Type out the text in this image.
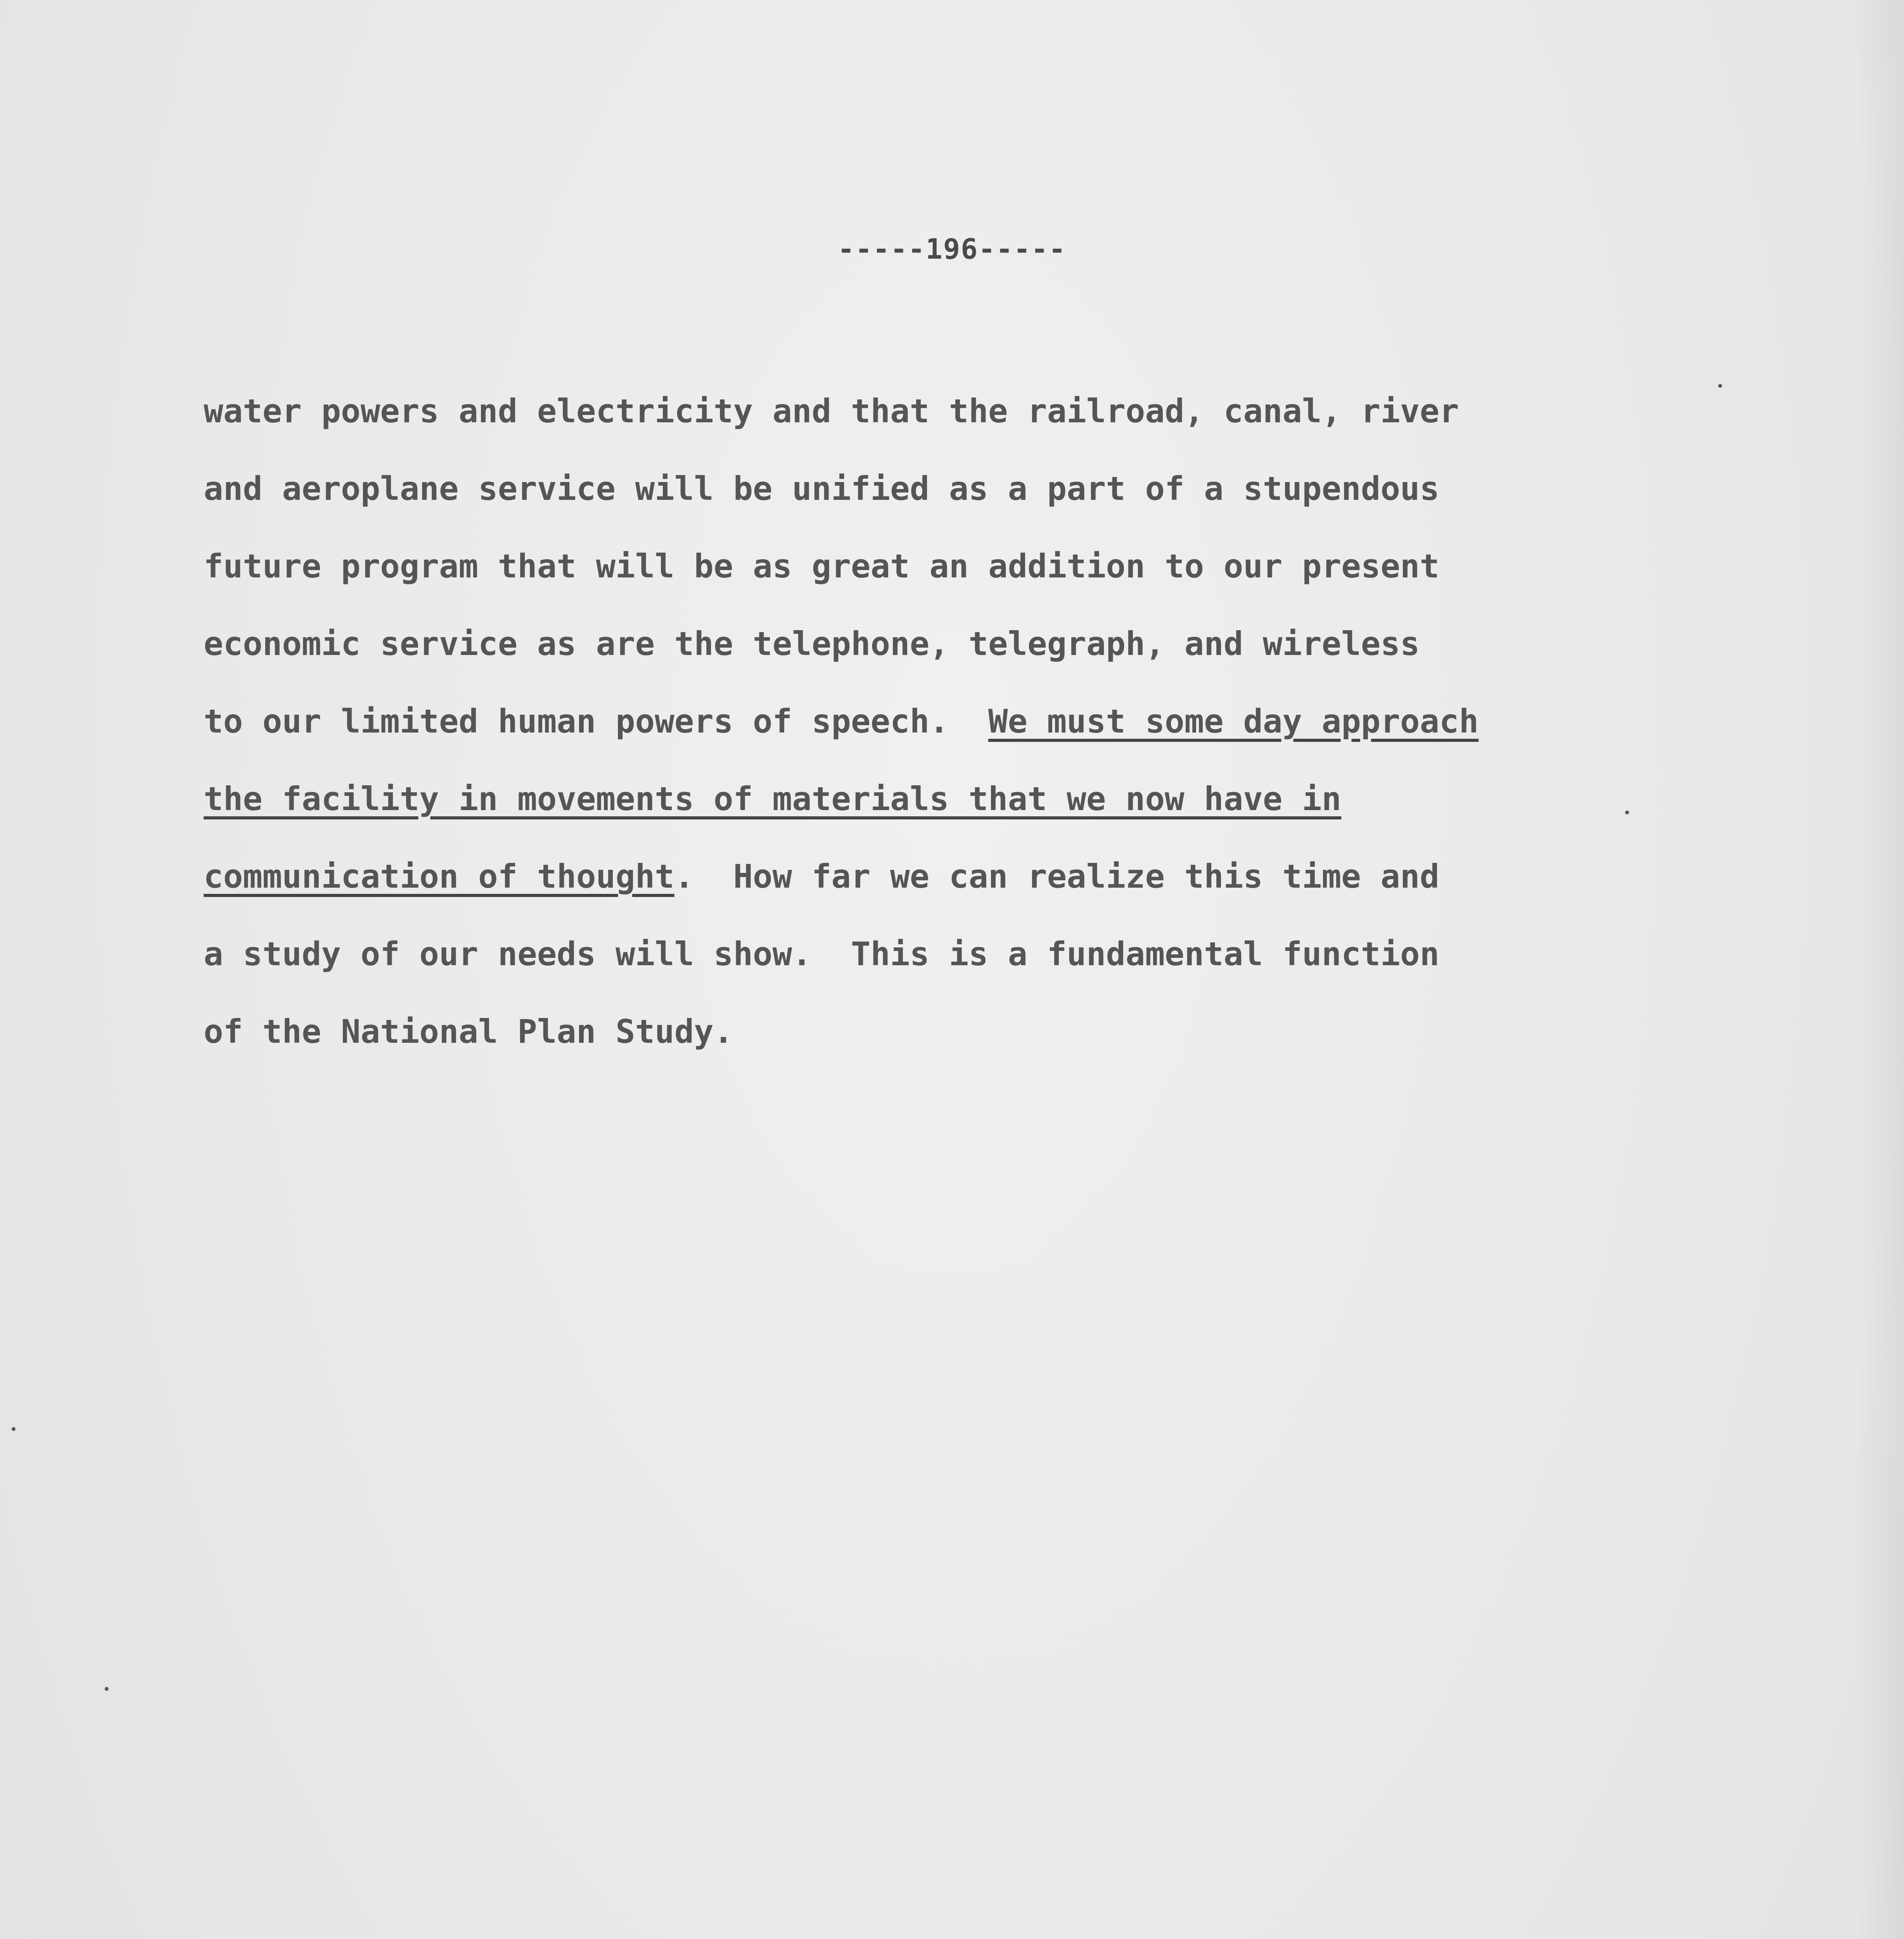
-----196-----
water powers and electricity and that the railroad, canal, river
and aeroplane service will be unified as a part of a stupendous
future program that will be as great an addition to our present
economic service as are the telephone, telegraph, and wireless
to our limited human powers of speech.  We must some day approach
the facility in movements of materials that we now have in
communication of thought.  How far we can realize this time and
a study of our needs will show.  This is a fundamental function
of the National Plan Study.
